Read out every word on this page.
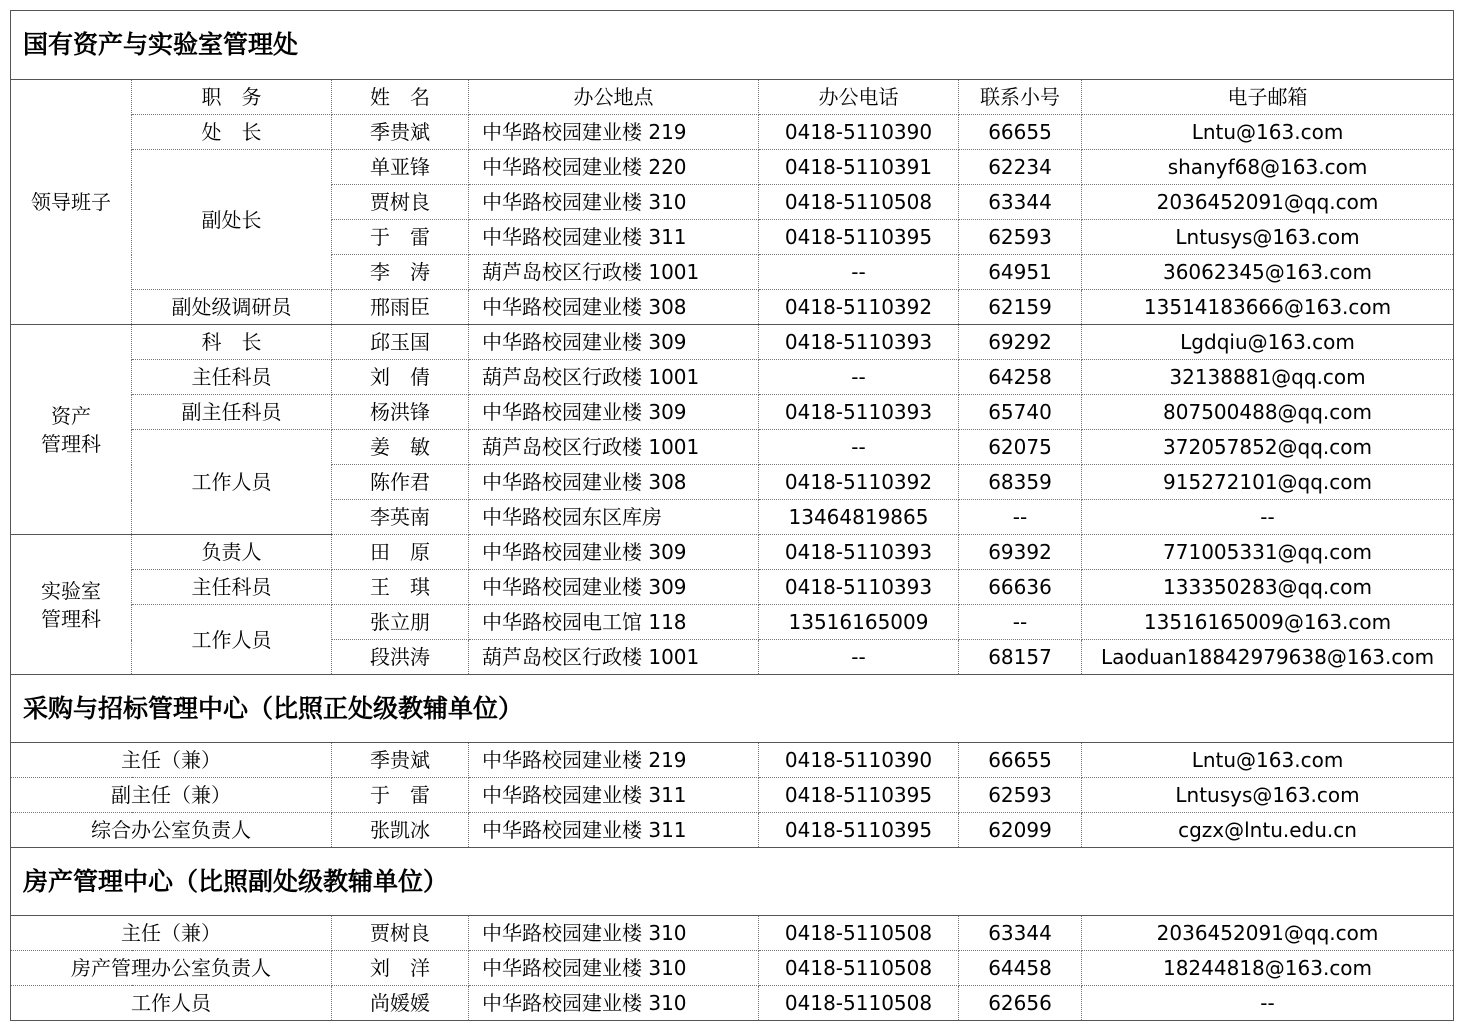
国有资产与实验室管理处						
领导班子	职　务	姓　名	办公地点	办公电话	联系小号	电子邮箱
	处　长	季贵斌	中华路校园建业楼 219	0418-5110390	66655	Lntu@163.com
	副处长	单亚锋	中华路校园建业楼 220	0418-5110391	62234	shanyf68@163.com
		贾树良	中华路校园建业楼 310	0418-5110508	63344	2036452091@qq.com
		于　雷	中华路校园建业楼 311	0418-5110395	62593	Lntusys@163.com
		李　涛	葫芦岛校区行政楼 1001	--	64951	36062345@163.com
	副处级调研员	邢雨臣	中华路校园建业楼 308	0418-5110392	62159	13514183666@163.com
资产
管理科	科　长	邱玉国	中华路校园建业楼 309	0418-5110393	69292	Lgdqiu@163.com
	主任科员	刘　倩	葫芦岛校区行政楼 1001	--	64258	32138881@qq.com
	副主任科员	杨洪锋	中华路校园建业楼 309	0418-5110393	65740	807500488@qq.com
	工作人员	姜　敏	葫芦岛校区行政楼 1001	--	62075	372057852@qq.com
		陈作君	中华路校园建业楼 308	0418-5110392	68359	915272101@qq.com
		李英南	中华路校园东区库房	13464819865	--	--
实验室
管理科	负责人	田　原	中华路校园建业楼 309	0418-5110393	69392	771005331@qq.com
	主任科员	王　琪	中华路校园建业楼 309	0418-5110393	66636	133350283@qq.com
	工作人员	张立朋	中华路校园电工馆 118	13516165009	--	13516165009@163.com
		段洪涛	葫芦岛校区行政楼 1001	--	68157	Laoduan18842979638@163.com
采购与招标管理中心（比照正处级教辅单位）						
主任（兼）		季贵斌	中华路校园建业楼 219	0418-5110390	66655	Lntu@163.com
副主任（兼）		于　雷	中华路校园建业楼 311	0418-5110395	62593	Lntusys@163.com
综合办公室负责人		张凯冰	中华路校园建业楼 311	0418-5110395	62099	cgzx@lntu.edu.cn
房产管理中心（比照副处级教辅单位）						
主任（兼）		贾树良	中华路校园建业楼 310	0418-5110508	63344	2036452091@qq.com
房产管理办公室负责人		刘　洋	中华路校园建业楼 310	0418-5110508	64458	18244818@163.com
工作人员		尚媛媛	中华路校园建业楼 310	0418-5110508	62656	--
